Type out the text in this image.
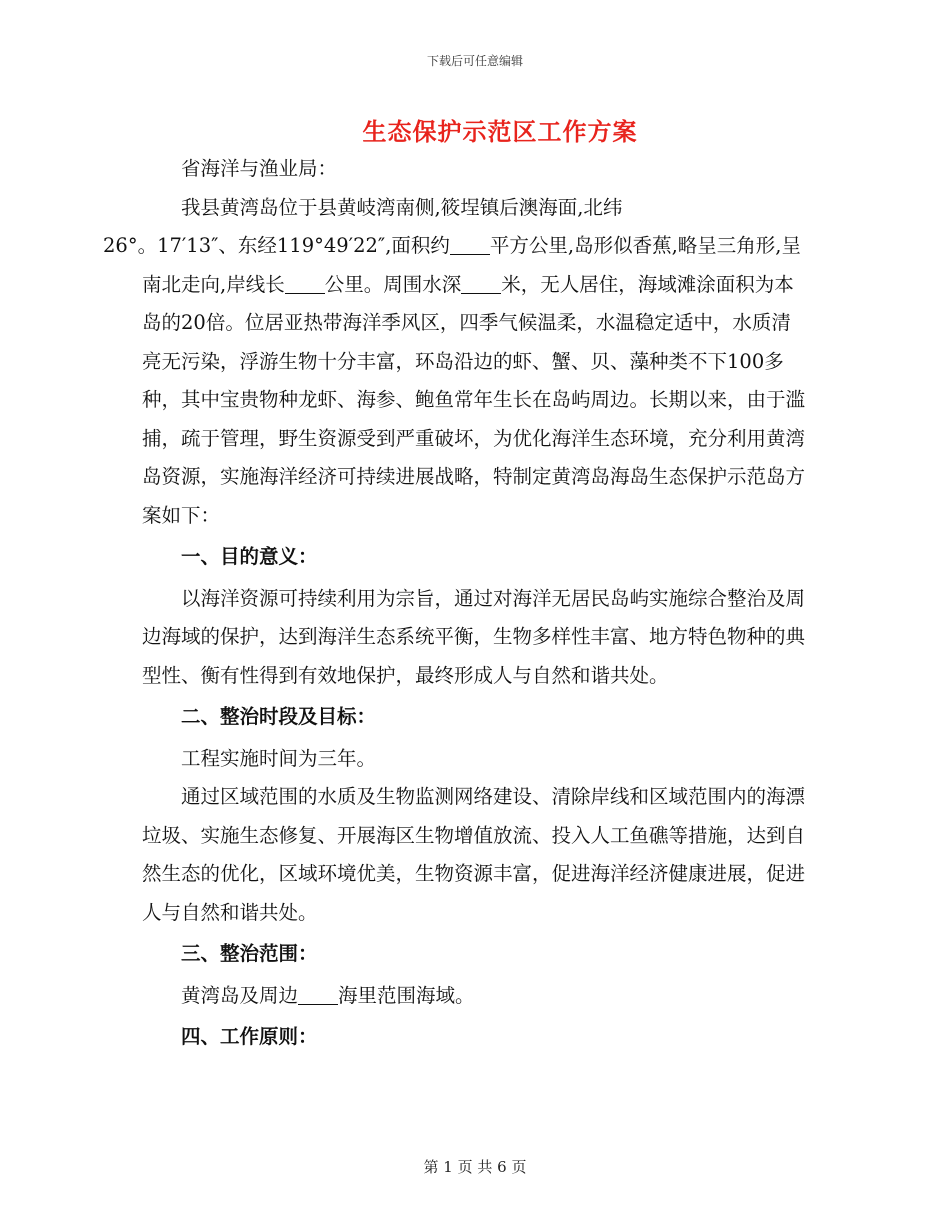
下载后可任意编辑
生态保护示范区工作方案

省海洋与渔业局：

我县黄湾岛位于县黄岐湾南侧,筱埕镇后澳海面,北纬
26°。17′13″、东经119°49′22″,面积约 平方公里,岛形似香蕉,略呈三角形,呈南北走向,岸线长 公里。周围水深 米，无人居住，海域滩涂面积为本岛的20倍。位居亚热带海洋季风区，四季气候温柔，水温稳定适中，水质清亮无污染，浮游生物十分丰富，环岛沿边的虾、蟹、贝、藻种类不下100多种，其中宝贵物种龙虾、海参、鲍鱼常年生长在岛屿周边。长期以来，由于滥捕，疏于管理，野生资源受到严重破坏，为优化海洋生态环境，充分利用黄湾岛资源，实施海洋经济可持续进展战略，特制定黄湾岛海岛生态保护示范岛方案如下：

一、目的意义：

以海洋资源可持续利用为宗旨，通过对海洋无居民岛屿实施综合整治及周边海域的保护，达到海洋生态系统平衡，生物多样性丰富、地方特色物种的典型性、衡有性得到有效地保护，最终形成人与自然和谐共处。

二、整治时段及目标：

工程实施时间为三年。

通过区域范围的水质及生物监测网络建设、清除岸线和区域范围内的海漂垃圾、实施生态修复、开展海区生物增值放流、投入人工鱼礁等措施，达到自然生态的优化，区域环境优美，生物资源丰富，促进海洋经济健康进展，促进人与自然和谐共处。

三、整治范围：

黄湾岛及周边 海里范围海域。

四、工作原则：

第 1 页 共 6 页
